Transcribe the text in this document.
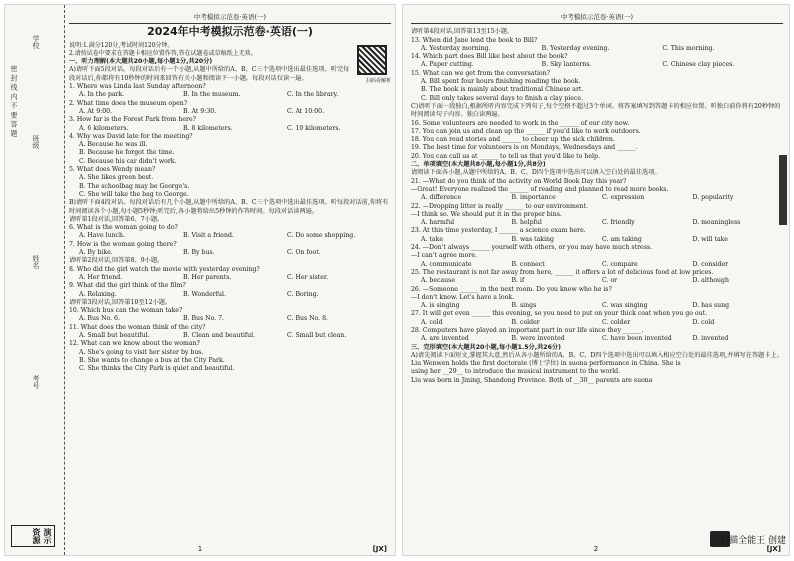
密 封 线 内 不 要 答 题
学校
班级
姓名
考号
演示资源
中考模拟示范卷·英语(一)
2024年中考模拟示范卷·英语(一)
说明:1.满分120分,考试时间120分钟。
2.请按试卷中要求在答题卡相应位置作答,答在试题卷或草稿纸上无效。
一、听力理解(本大题共20小题,每小题1分,共20分)
A)请听下面5段对话。每段对话后有一个小题,从题中所给的A、B、C三个选项中选出最佳选项。听完每段对话后,你都将有10秒钟的时间来回答有关小题和阅读下一小题。每段对话仅读一遍。
1. Where was Linda last Sunday afternoon?
A. In the park.	B. In the museum.	C. In the library.
2. What time does the museum open?
A. At 9:00.	B. At 9:30.	C. At 10:00.
3. How far is the Forest Park from here?
A. 6 kilometers.	B. 8 kilometers.	C. 10 kilometers.
4. Why was David late for the meeting?
A. Because he was ill.
B. Because he forgot the time.
C. Because his car didn't work.
5. What does Wendy mean?
A. She likes green best.
B. The schoolbag may be George's.
C. She will take the bag to George.
B)请听下面4段对话。每段对话后有几个小题,从题中所给的A、B、C三个选项中选出最佳选项。听每段对话前,你将有时间阅读各个小题,每小题5秒钟;听完后,各小题将给出5秒钟的作答时间。每段对话读两遍。
请听第1段对话,回答第6、7小题。
6. What is the woman going to do?
A. Have lunch.	B. Visit a friend.	C. Do some shopping.
7. How is the woman going there?
A. By bike.	B. By bus.	C. On foot.
请听第2段对话,回答第8、9小题。
8. Who did the girl watch the movie with yesterday evening?
A. Her friend.	B. Her parents.	C. Her sister.
9. What did the girl think of the film?
A. Relaxing.	B. Wonderful.	C. Boring.
请听第3段对话,回答第10至12小题。
10. Which bus can the woman take?
A. Bus No. 6.	B. Bus No. 7.	C. Bus No. 8.
11. What does the woman think of the city?
A. Small but beautiful.	B. Clean and beautiful.	C. Small but clean.
12. What can we know about the woman?
A. She's going to visit her sister by bus.
B. She wants to change a bus at the City Park.
C. She thinks the City Park is quiet and beautiful.
扫码看解析
1	[JX]
中考模拟示范卷·英语(一)
请听第4段对话,回答第13至15小题。
13. When did Jane lend the book to Bill?
A. Yesterday morning.	B. Yesterday evening.	C. This morning.
14. Which part does Bill like best about the book?
A. Paper cutting.	B. Sky lanterns.	C. Chinese clay pieces.
15. What can we get from the conversation?
A. Bill spent four hours finishing reading the book.
B. The book is mainly about traditional Chinese art.
C. Bill only takes several days to finish a clay piece.
C)请听下面一段独白,根据所听内容完成下列句子,每个空格不超过3个单词。将答案填写到答题卡的相应位置。听独白前你将有20秒钟的时间阅读句子内容。独白读两遍。
16. Some volunteers are needed to work in the ______ of our city now.
17. You can join us and clean up the ______ if you'd like to work outdoors.
18. You can read stories and ______ to cheer up the sick children.
19. The best time for volunteers is on Mondays, Wednesdays and ______.
20. You can call us at ______ to tell us that you'd like to help.
二、单项填空(本大题共8小题,每小题1分,共8分)
请阅读下面各小题,从题中所给的A、B、C、D四个选项中选出可以填入空白处的最佳选项。
21. —What do you think of the activity on World Book Day this year?
—Great! Everyone realized the ______ of reading and planned to read more books.
A. difference	B. importance	C. expression	D. popularity
22. —Dropping litter is really ______ to our environment.
—I think so. We should put it in the proper bins.
A. harmful	B. helpful	C. friendly	D. meaningless
23. At this time yesterday, I ______ a science exam here.
A. take	B. was taking	C. am taking	D. will take
24. —Don't always ______ yourself with others, or you may have much stress.
—I can't agree more.
A. communicate	B. connect	C. compare	D. consider
25. The restaurant is not far away from here, ______ it offers a lot of delicious food at low prices.
A. because	B. if	C. or	D. although
26. —Someone ______ in the next room. Do you know who he is?
—I don't know. Let's have a look.
A. is singing	B. sings	C. was singing	D. has sung
27. It will get even ______ this evening, so you need to put on your thick coat when you go out.
A. cold	B. colder	C. colder	D. cold
28. Computers have played an important part in our life since they ______.
A. are invented	B. were invented	C. have been invented	D. invented
三、完形填空(本大题共20小题,每小题1.5分,共26分)
A)请先阅读下面短文,掌握其大意,然后从各小题所给的A、B、C、D四个选项中选出可以填入相应空白处的最佳选项,并填写在答题卡上。
Liu Wenwen holds the first doctorate (博士学位) in suona performance in China. She is
using her __29__ to introduce the musical instrument to the world.
Liu was born in Jining, Shandong Province. Both of __30__ parents are suona
2	[JX]
扫描全能王 创建
